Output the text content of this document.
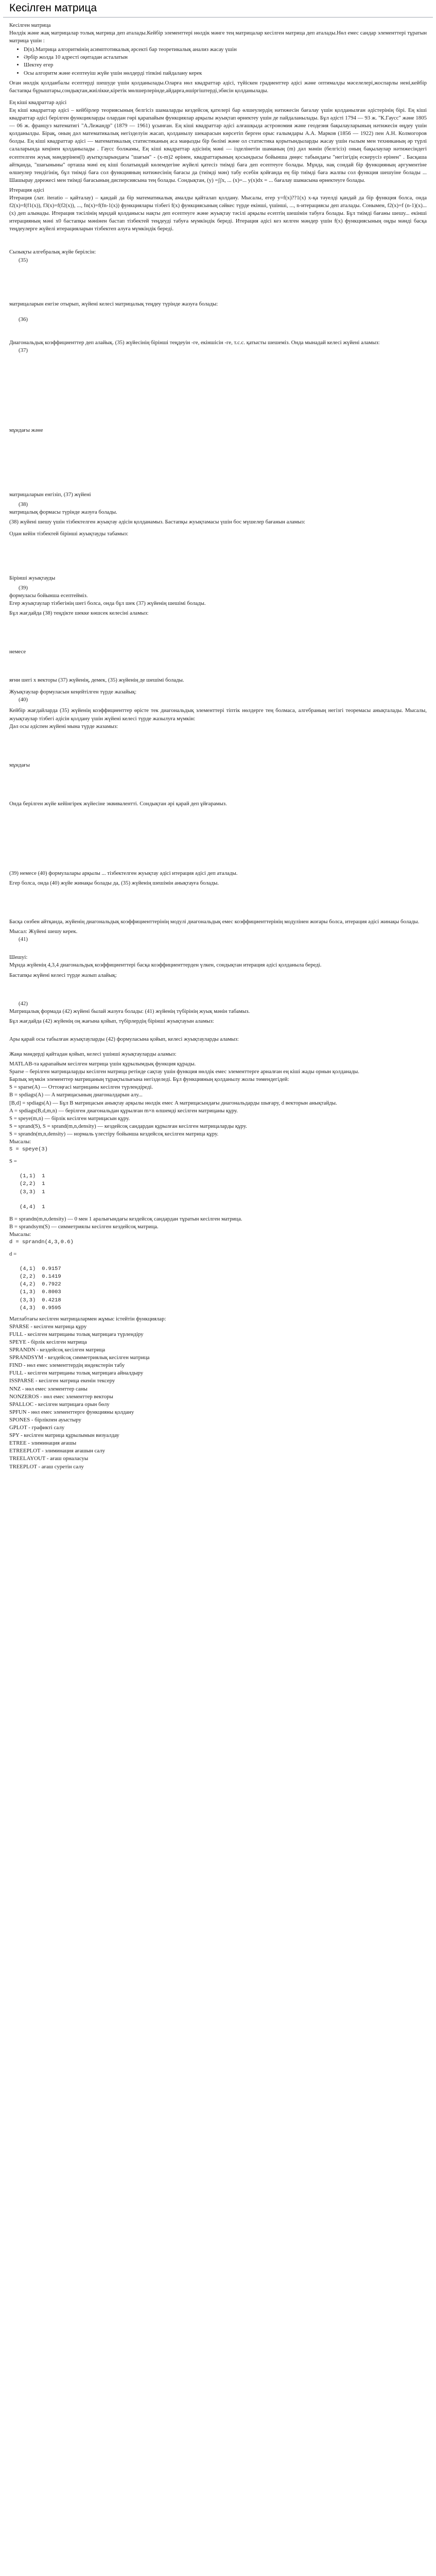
Кесілген матрица
Кесілген матрица
Нөлдік және жақ матрицалар толық матрица деп аталады.Кейбір элементтері нөлдік мәнге тең матрицалар кесілген матрица деп аталады.Нөл емес сандар элементтері тұратын матрица үшін :
• D(n).Матрица алгоритмінің асимптотикалық әрсекті бар теоретикалық анализ жасау үшін
• Әрбір жолда 10 адресті оқитадан асталатын
• Шектеу егер
• Осы алгоритм және есептеуіш жүйе үшін нөлдерді тіпкіні пайдалану керек
Оған нөлдік қолданбалы есептерді шешуде үшін қолданылады.Оларға нөл квадраттар әдісі, түйіскен градиенттер әдісі және оптималды мәселелері,жоспарлы нені,кейбір бастапқы бұрыштары,сондықтан,жиілікке,кіретік мөлшерлерінде,айдарға,өшіргіштерді,эбисін қолданылады.
Ең кіші квадраттар әдісі
Ең кіші квадраттар әдісі – кейбірлер теориясының белгісіз шамаларды кездейсоқ қателері бар өлшеулердің нәтижесін бағалау үшін қолданылған әдістерінің бірі. Ең кіші квадраттар әдісі берілген функцияларды олардан гөрі қарапайым функциялар арқылы жуықтап өрнектеу үшін де пайдаланылады. Бұл әдісті 1794 — 93 ж. "К.Гаусс" және 1805 — 06 ж. француз математигі "А.Лежандр" (1879 — 1961) ұсынған. Ең кіші квадраттар әдісі алғашқыда астрономия және геодезия бақылауларының нәтижесін өңдеу үшін қолданылды. Бірақ, оның дәл математикалық негізделуін жасап, қолданылу шекарасын көрсетіп берген орыс ғалымдары А.А. Марков (1856 — 1922) пен А.Н. Колмогоров болды. Ең кіші квадраттар әдісі — математикалық статистиканың аса маңызды бір бөлімі және ол статистика қорытындыларды жасау үшін ғылым мен техниканың әр түрлі салаларында кеңінен қолданылады . Гаусс болжамы, Ең кіші квадраттар әдісінің мәні — ізделінетін шаманың (m) дәл мәнін (белгісіз) оның бақылаулар нәтижесіндегі есептелген жуық мәндерінен(l) ауытқуларындағы "шағын" - (x-m)2 өрінен, квадраттарының қосындысы бойынша дөңес табындағы "негізгідің ескерусіз ерінен" . Басқаша айтқанда, "шағыныны" орташа мәні ең кіші болатындай көлемдегіне жүйелі қатесіз тиімді баға деп есептеуге болады. Мұнда, нақ сондай бір функцияның аргументіне өлшеулер тендігінің, бұл тиімді баға сол функцияның нәтижесінің бағасы да (тиімді мән) табу есебін қойғанда ең бір тиімді баға жалпы сол функция шешуіне болады ... Шашырау дәрежесі мен тиімді бағасының дисперсиясына тең болады. Сондықтан, (y) =ʃʃx, ... (x)=... y(x)dx = ... бағалау шамасына өрнектеуге болады.
Итерация әдісі
Итерация (лат. iteratio – қайталау) – қандай да бір математикалық амалды қайталап қолдану. Мысалы, егер y=f(x)??1(x) х-қа тәуелді қандай да бір функция болса, онда f2(x)=f(f1(x)), f3(x)=f(f2(x)), ..., fn(x)=f(fn-1(x)) функциялары тізбегі f(x) функциясының сәйкес түрде екінші, үшінші, ..., n-итерациясы деп аталады. Сонымен, f2(x)=f (n-1)(x)...(x) деп алынады. Итерация тәсілінің мұндай қолданысы нақты деп есептеуге және жуықтау тәсілі арқылы есептің шешімін табуға болады. Бұл тиімді бағаны шешу... екінші итерацияның мәні х0 бастапқы мәнінен бастап тізбектей теңдеуді табуға мүмкіндік береді. Итерация әдісі кез келген мәндер үшін f(x) функциясының оңды мәнді басқа теңдеулерге жүйелі итерацияларын тізбектеп алуға мүмкіндік береді.
Сызықты алгебралық жүйе берілсін:
(35)
матрицаларын енгізе отырып, жүйені келесі матрицалық теңдеу түрінде жазуға болады:
(36)
Диагональдық коэффициенттер деп алайық. (35) жүйесінің бірінші теңдеуін -ге, екіншісін -ге, т.с.с. қатысты шешеміз. Онда мынадай келесі жүйені аламыз:
(37)
мұндағы және
матрицаларын енгізіп, (37) жүйені
(38)
матрицалық формасы түрінде жазуға болады.
(38) жүйені шешу үшін тізбектелген жуықтау әдісін қолданамыз. Бастапқы жуықтамасы үшін бос мүшелер бағанын аламыз:
Одан кейін тізбектей бірінші жуықтауды табамыз:
Бірінші жуықтауды
(39)
формуласы бойынша есептейміз.
Егер жуықтаулар тізбегінің шегі болса, онда бұл шек (37) жүйенің шешімі болады.
Бұл жағдайда (38) теңдікте шекке көшсек келесіні аламыз:
немесе
яғни шегі х векторы (37) жүйенің, демек, (35) жүйенің де шешімі болады.
Жуықтаулар формуласын кеңейтілген түрде жазайық:
(40)
Кейбір жағдайларда (35) жүйенің коэффициенттер өрісте тек диагональдық элементтері тіптік нөлдерге тең болмаса, алгебраның негізгі теоремасы анықталады. Мысалы, жуықтаулар тізбегі әдісін қолдану үшін жүйені келесі түрде жазылуға мүмкін:
Дәл осы әдіспен жүйені мына түрде жазамыз:
мұндағы
Онда берілген жүйе кейінгірек жүйесіне эквивалентті. Сондықтан әрі қарай деп ұйғарамыз.
(39) немесе (40) формулалары арқылы ... тізбектелген жуықтау әдісі итерация әдісі деп аталады.
Егер болса, онда (40) жүйе жинақы болады да, (35) жүйенің шешімін анықтауға болады.
Басқа сөзбен айтқанда, жүйенің диагональдық коэффициенттерінің модулі диагональдық емес коэффициенттерінің модулінен жоғары болса, итерация әдісі жинақы болады.
Мысал: Жүйені шешу керек.
(41)
Шешуі:
Мұнда жүйенің 4,3,4 диагональдық коэффициенттері басқа коэффициенттерден үлкен, сондықтан итерация әдісі қолданыла береді.
Бастапқы жүйені келесі түрде жазып алайық:
(42)
Матрицалық формада (42) жүйені былай жазуға болады: (41) жүйенің түбірінің жуық мәнін табамыз.
Бұл жағдайда (42) жүйенің оң жағына қойып, түбірлердің бірінші жуықтауын аламыз:
Ары қарай осы табылған жуықтауларды (42) формуласына қойып, келесі жуықтауларды аламыз:
Жаңа мәндерді қайтадан қойып, келесі үшінші жуықтауларды аламыз:
MATLAB-та қарапайым кесілген матрица үшін құрылымдық функция құрады.
Sparse – берілген матрицаларды кесілген матрица ретінде сақтау үшін функция нөлдік емес элементтерге арналған ең кіші жады орнын қолданады.
Барлық мүмкін элементтер матрицаның тұрақтылығына негізделеді. Бұл функцияның қолданылу жолы төмендегідей:
S = sparse(A) — Оттоңғасі матрицаны кесілген түрлендіреді.
B = spdiags(A) — A матрицасының диагоналдарын алу...
[B,d] = spdiags(A) — Бұл B матрицасын анықтау арқылы нөлдік емес A матрицасындағы диагональдарды шығару, d векторын анықтайды.
A = spdiags(B,d,m,n) — берілген диагональдан құрылған m×n өлшемді кесілген матрицаны құру.
S = speye(m,n) — бірлік кесілген матрицасын құру.
S = sprand(S), S = sprand(m,n,density) — кездейсоқ сандардан құрылған кесілген матрицаларды құру.
S = sprandn(m,n,density) — нормаль үлестіру бойынша кездейсоқ кесілген матрица құру.
Мысалы:
S = speye(3)
S =
(1,1)	1
(2,2)	1
(3,3)	1
(4,4)	1
B = sprandn(m,n,density) — 0 мен 1 аралығындағы кездейсоқ сандардан тұратын кесілген матрица.
B = sprandsym(S) — симметриялы кесілген кездейсоқ матрица.
Мысалы:
d = sprandn(4,3,0.6)
d =
(4,1)	0.9157
(2,2)	0.1419
(4,2)	0.7922
(1,3)	0.8003
(3,3)	0.4218
(4,3)	0.9595
Матлабтағы кесілген матрицалармен жұмыс істейтін функциялар:
SPARSE - кесілген матрица құру
FULL - кесілген матрицаны толық матрицаға түрлендіру
SPEYE - бірлік кесілген матрица
SPRANDN - кездейсоқ кесілген матрица
SPRANDSYM - кездейсоқ симметриялық кесілген матрица
FIND - нөл емес элементтердің индекстерін табу
FULL - кесілген матрицаны толық матрицаға айналдыру
ISSPARSE - кесілген матрица екенін тексеру
NNZ - нөл емес элементтер саны
NONZEROS - нөл емес элементтер векторы
SPALLOC - кесілген матрицаға орын бөлу
SPFUN - нөл емес элементтерге функцияны қолдану
SPONES - бірлікпен ауыстыру
GPLOT - графикті салу
SPY - кесілген матрица құрылымын визуалдау
ETREE - элиминация ағашы
ETREEPLOT - элиминация ағашын салу
TREELAYOUT - ағаш орналасуы
TREEPLOT - ағаш суретін салу
